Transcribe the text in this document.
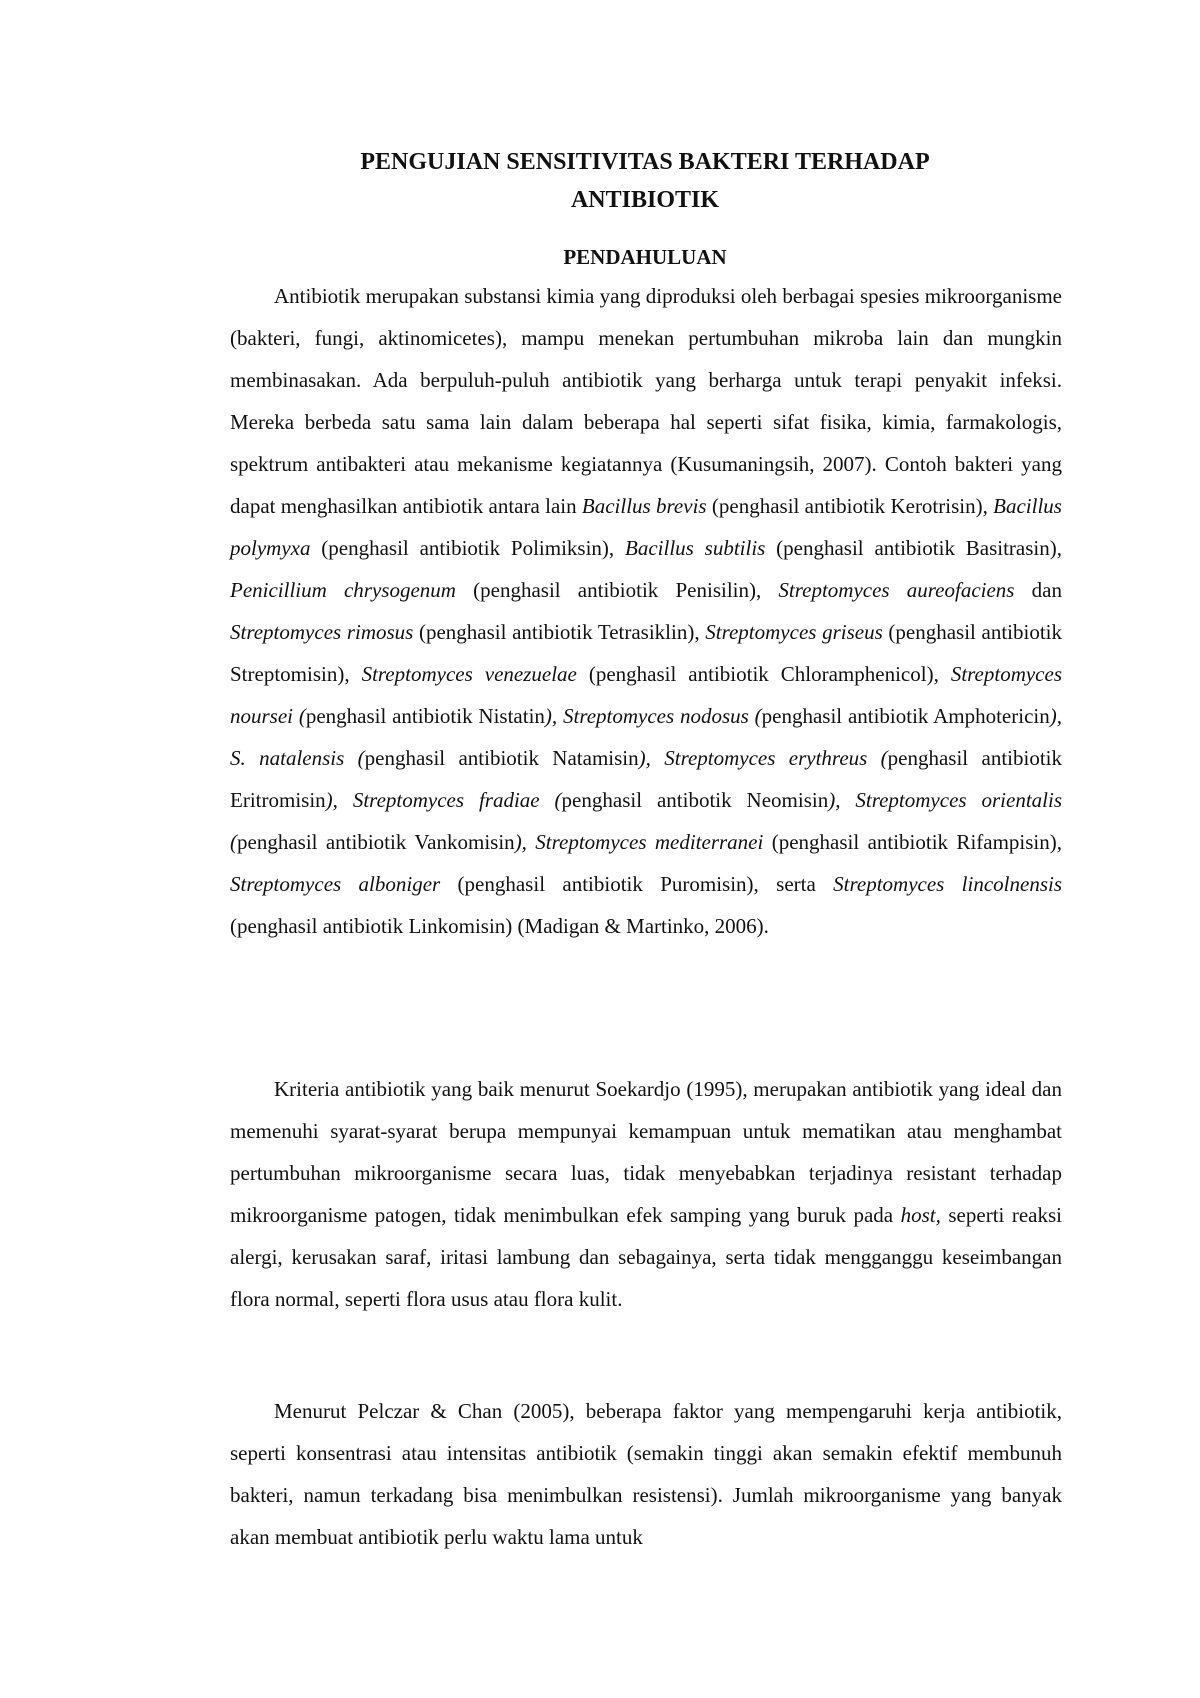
PENGUJIAN SENSITIVITAS BAKTERI TERHADAP
ANTIBIOTIK
PENDAHULUAN

Antibiotik merupakan substansi kimia yang diproduksi oleh berbagai spesies mikroorganisme (bakteri, fungi, aktinomicetes), mampu menekan pertumbuhan mikroba lain dan mungkin membinasakan. Ada berpuluh-puluh antibiotik yang berharga untuk terapi penyakit infeksi. Mereka berbeda satu sama lain dalam beberapa hal seperti sifat fisika, kimia, farmakologis, spektrum antibakteri atau mekanisme kegiatannya (Kusumaningsih, 2007). Contoh bakteri yang dapat menghasilkan antibiotik antara lain Bacillus brevis (penghasil antibiotik Kerotrisin), Bacillus polymyxa (penghasil antibiotik Polimiksin), Bacillus subtilis (penghasil antibiotik Basitrasin), Penicillium chrysogenum (penghasil antibiotik Penisilin), Streptomyces aureofaciens dan Streptomyces rimosus (penghasil antibiotik Tetrasiklin), Streptomyces griseus (penghasil antibiotik Streptomisin), Streptomyces venezuelae (penghasil antibiotik Chloramphenicol), Streptomyces noursei (penghasil antibiotik Nistatin), Streptomyces nodosus (penghasil antibiotik Amphotericin), S. natalensis (penghasil antibiotik Natamisin), Streptomyces erythreus (penghasil antibiotik Eritromisin), Streptomyces fradiae (penghasil antibotik Neomisin), Streptomyces orientalis (penghasil antibiotik Vankomisin), Streptomyces mediterranei (penghasil antibiotik Rifampisin), Streptomyces alboniger (penghasil antibiotik Puromisin), serta Streptomyces lincolnensis (penghasil antibiotik Linkomisin) (Madigan & Martinko, 2006).

Kriteria antibiotik yang baik menurut Soekardjo (1995), merupakan antibiotik yang ideal dan memenuhi syarat-syarat berupa mempunyai kemampuan untuk mematikan atau menghambat pertumbuhan mikroorganisme secara luas, tidak menyebabkan terjadinya resistant terhadap mikroorganisme patogen, tidak menimbulkan efek samping yang buruk pada host, seperti reaksi alergi, kerusakan saraf, iritasi lambung dan sebagainya, serta tidak mengganggu keseimbangan flora normal, seperti flora usus atau flora kulit.

Menurut Pelczar & Chan (2005), beberapa faktor yang mempengaruhi kerja antibiotik, seperti konsentrasi atau intensitas antibiotik (semakin tinggi akan semakin efektif membunuh bakteri, namun terkadang bisa menimbulkan resistensi). Jumlah mikroorganisme yang banyak akan membuat antibiotik perlu waktu lama untuk
